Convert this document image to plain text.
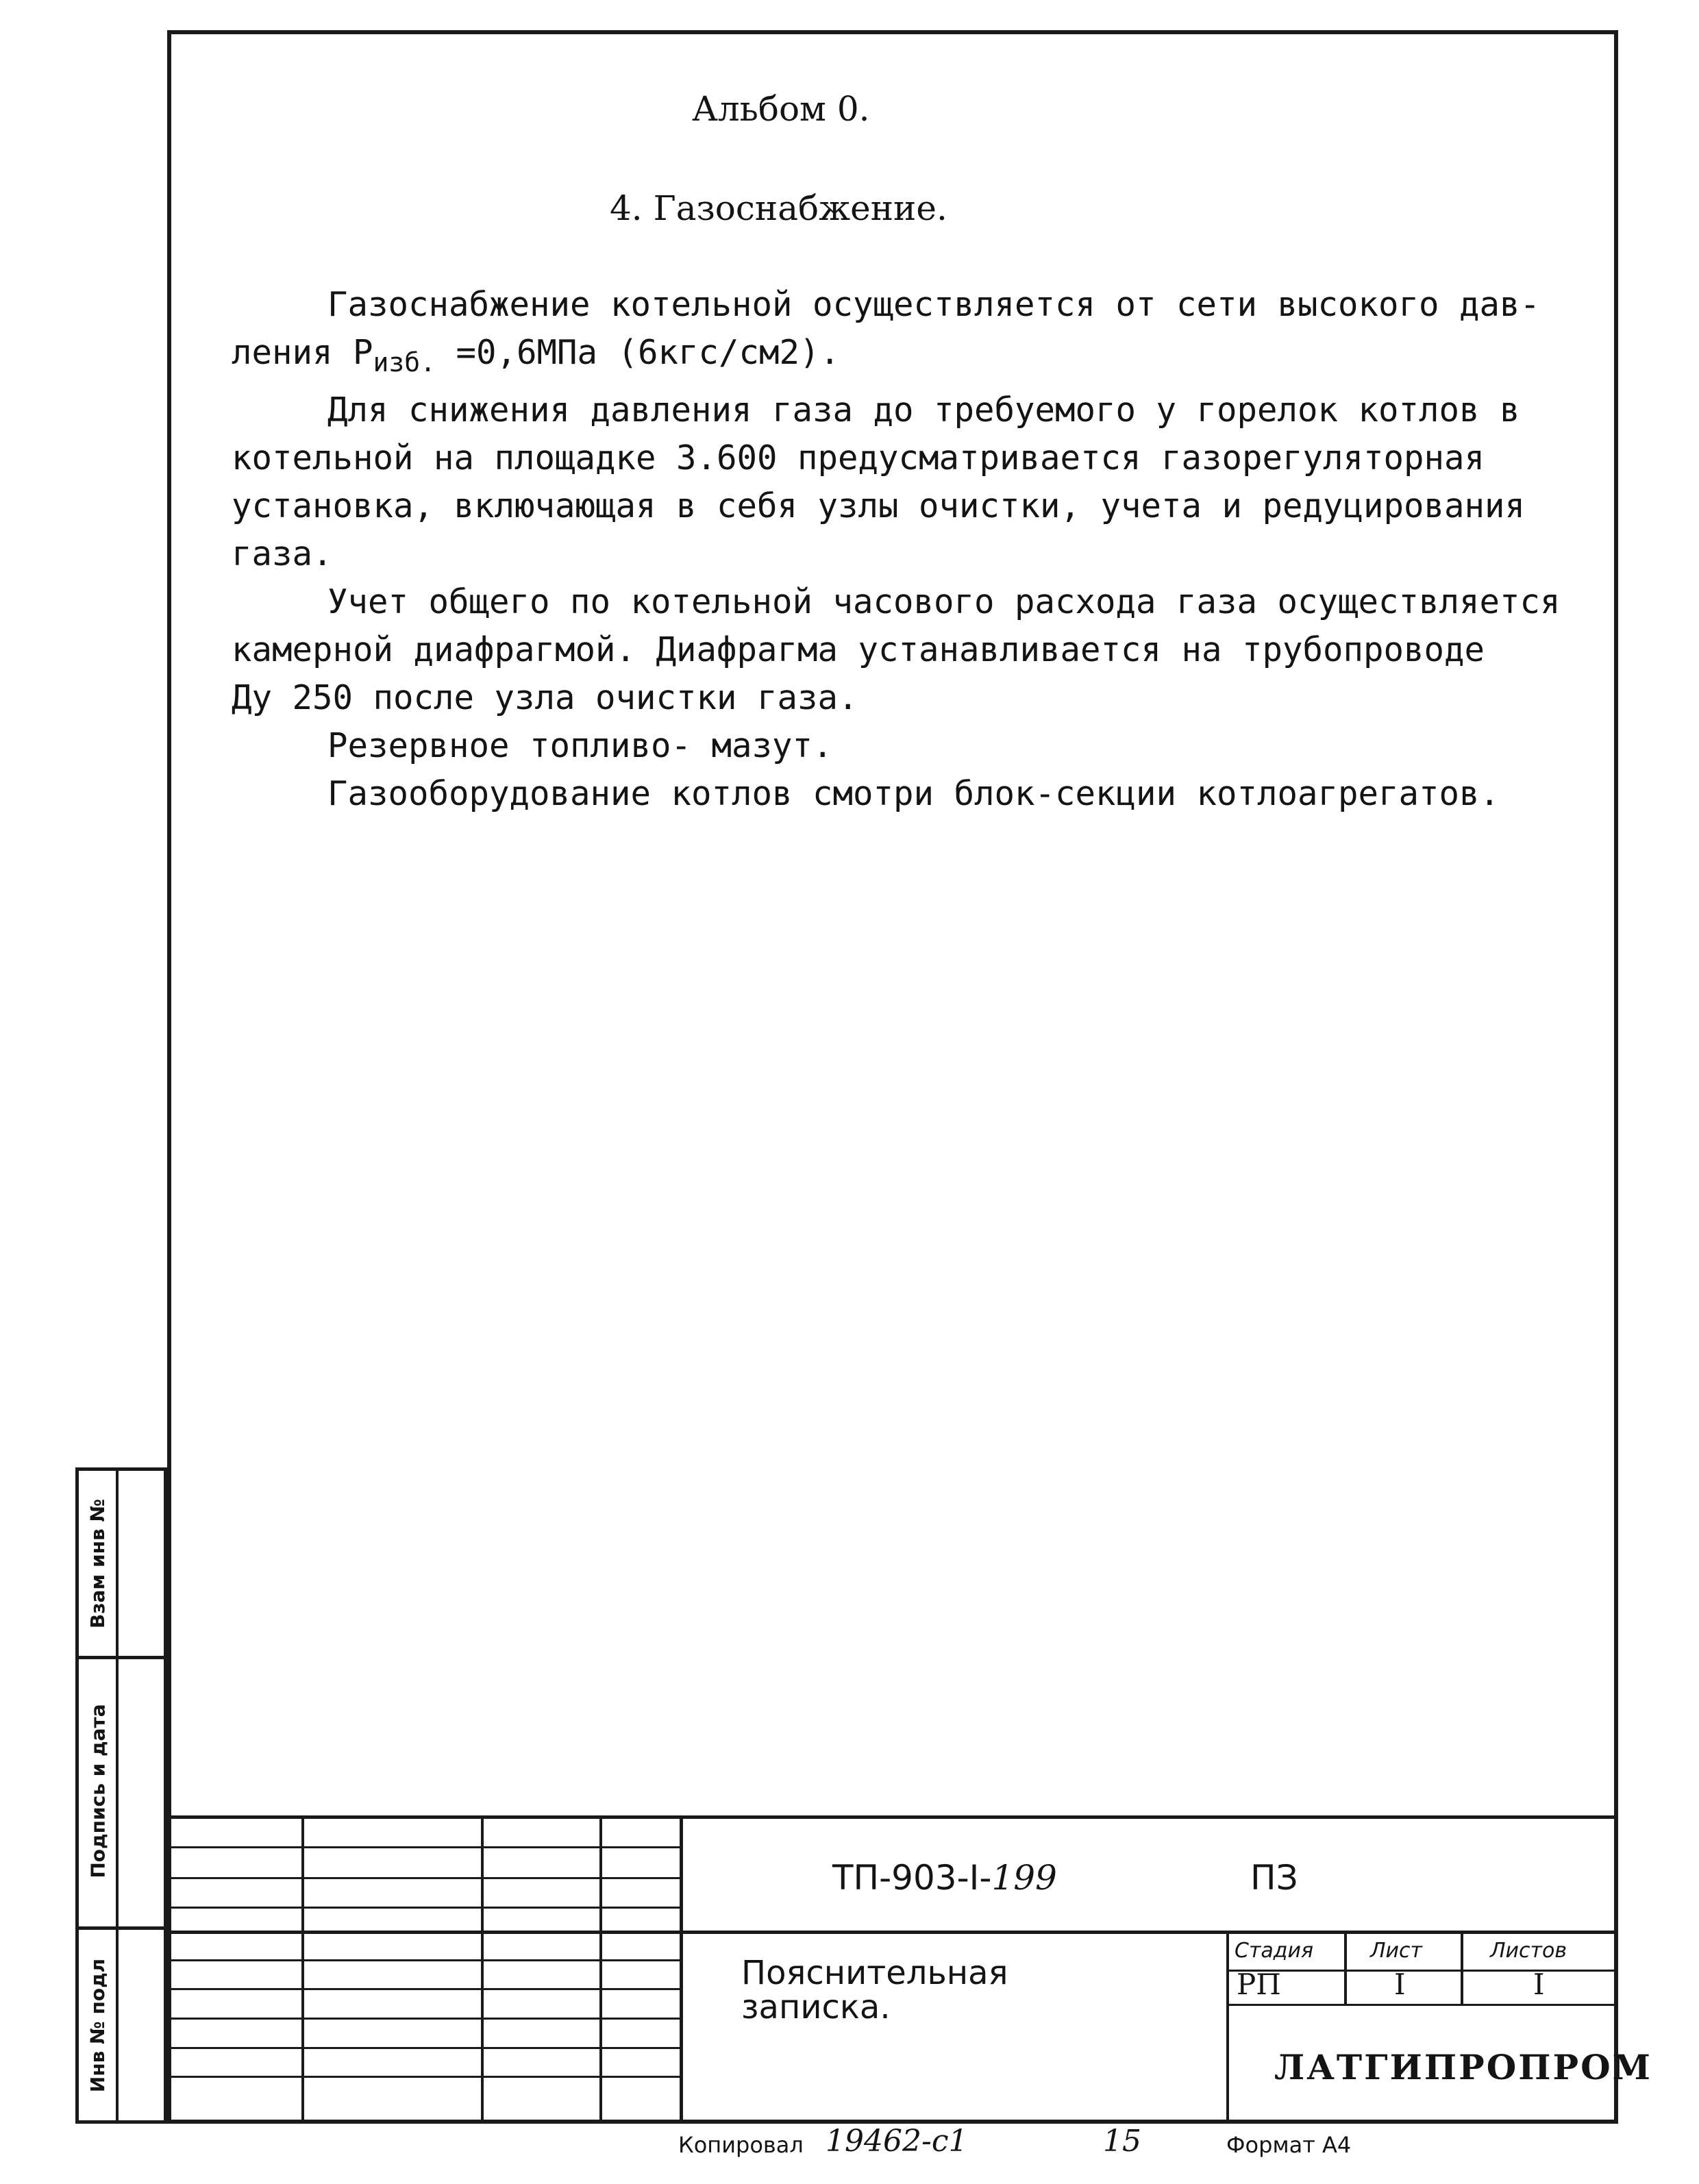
Альбом 0.
4. Газоснабжение.

Газоснабжение котельной осуществляется от сети высокого дав-

ления $Р_{изб.} =0,6МПа$ (6кгс/см2).

Для снижения давления газа до требуемого у горелок котлов в

котельной на площадке 3.600 предусматривается газорегуляторная

установка, включающая в себя узлы очистки, учета и редуцирования

газа.

Учет общего по котельной часового расхода газа осуществляется

камерной диафрагмой. Диафрагма устанавливается на трубопроводе

Ду 250 после узла очистки газа.

Резервное топливо- мазут.

Газооборудование котлов смотри блок-секции котлоагрегатов.

Взам инв №
Подпись и дата
Инв № подл
ТП-903-I-199	ПЗ
Пояснительная
записка.
Стадия	Лист	Листов
РП	I	I
ЛАТГИПРОПРОМ
Копировал 19462-c1	15	Формат А4
